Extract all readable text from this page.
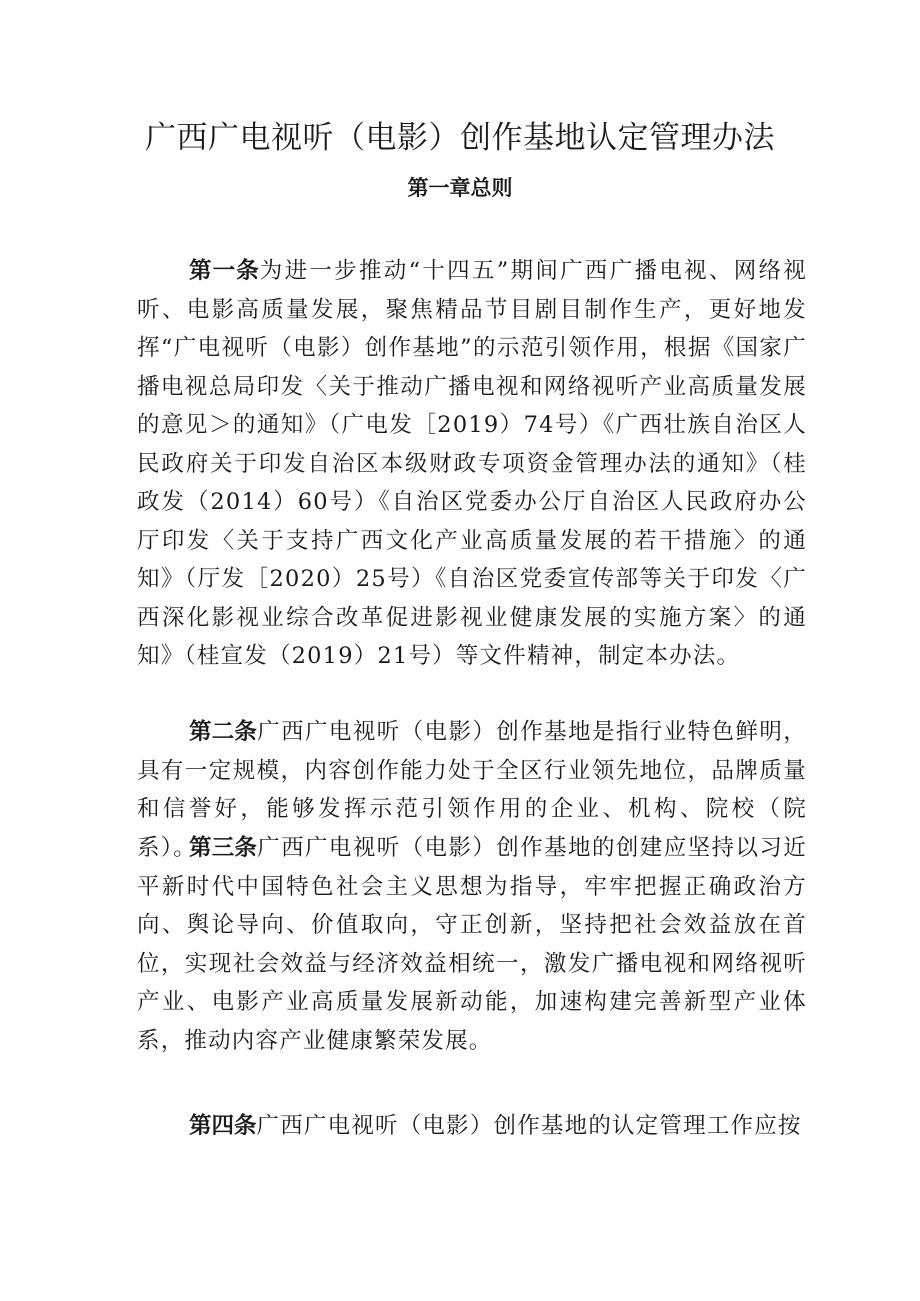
广西广电视听（电影）创作基地认定管理办法
第一章总则

第一条为进一步推动“十四五”期间广西广播电视、网络视听、电影高质量发展，聚焦精品节目剧目制作生产，更好地发挥“广电视听（电影）创作基地”的示范引领作用，根据《国家广播电视总局印发〈关于推动广播电视和网络视听产业高质量发展的意见＞的通知》（广电发［2019）74号）《广西壮族自治区人民政府关于印发自治区本级财政专项资金管理办法的通知》（桂政发（2014）60号）《自治区党委办公厅自治区人民政府办公厅印发〈关于支持广西文化产业高质量发展的若干措施〉的通知》（厅发［2020）25号）《自治区党委宣传部等关于印发〈广西深化影视业综合改革促进影视业健康发展的实施方案〉的通知》（桂宣发（2019）21号）等文件精神，制定本办法。

第二条广西广电视听（电影）创作基地是指行业特色鲜明，具有一定规模，内容创作能力处于全区行业领先地位，品牌质量和信誉好，能够发挥示范引领作用的企业、机构、院校（院系）。

第三条广西广电视听（电影）创作基地的创建应坚持以习近平新时代中国特色社会主义思想为指导，牢牢把握正确政治方向、舆论导向、价值取向，守正创新，坚持把社会效益放在首位，实现社会效益与经济效益相统一，激发广播电视和网络视听产业、电影产业高质量发展新动能，加速构建完善新型产业体系，推动内容产业健康繁荣发展。

第四条广西广电视听（电影）创作基地的认定管理工作应按
